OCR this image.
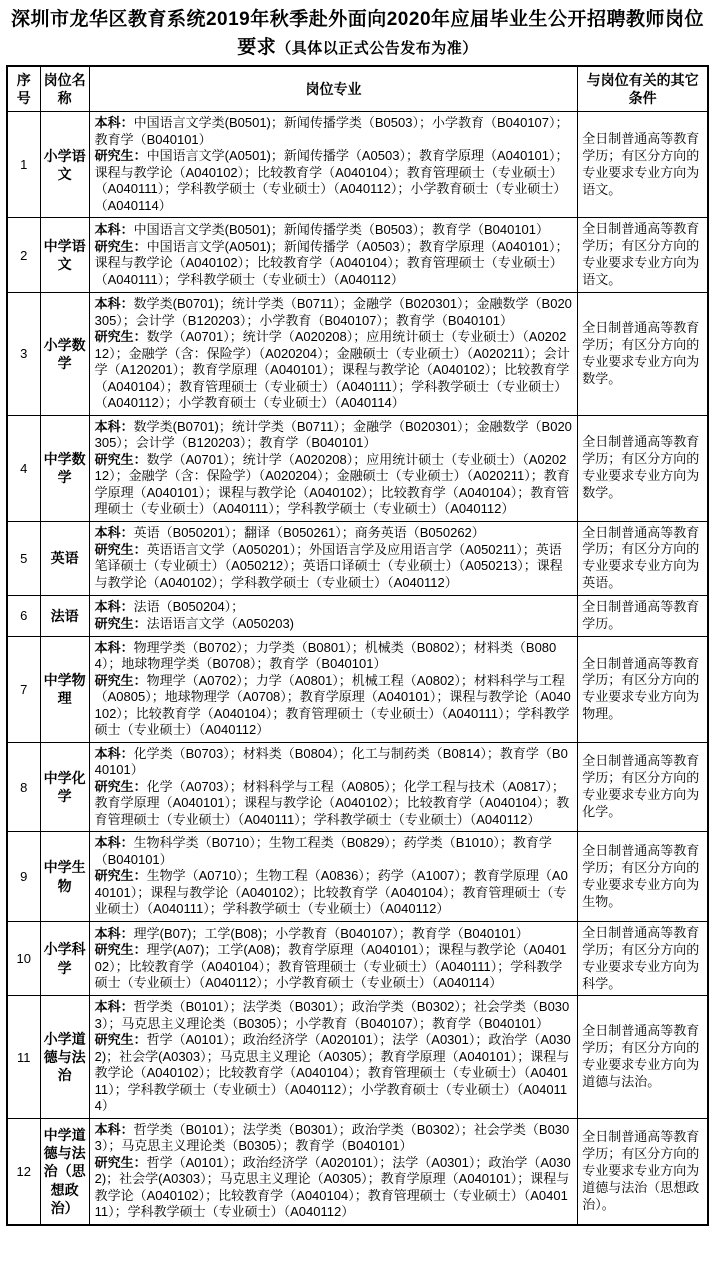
深圳市龙华区教育系统2019年秋季赴外面向2020年应届毕业生公开招聘教师岗位要求（具体以正式公告发布为准）
序号	岗位名称	岗位专业	与岗位有关的其它条件
1	小学语文	本科：中国语言文学类(B0501)；新闻传播学类（B0503）；小学教育（B040107）；教育学（B040101）
研究生：中国语言文学(A0501)；新闻传播学（A0503）；教育学原理（A040101）；课程与教学论（A040102）；比较教育学（A040104）；教育管理硕士（专业硕士）（A040111）；学科教学硕士（专业硕士）（A040112）；小学教育硕士（专业硕士）（A040114）	全日制普通高等教育学历；有区分方向的专业要求专业方向为语文。
2	中学语文	本科：中国语言文学类(B0501)；新闻传播学类（B0503）；教育学（B040101）
研究生：中国语言文学(A0501)；新闻传播学（A0503）；教育学原理（A040101）；课程与教学论（A040102）；比较教育学（A040104）；教育管理硕士（专业硕士）（A040111）；学科教学硕士（专业硕士）（A040112）	全日制普通高等教育学历；有区分方向的专业要求专业方向为语文。
3	小学数学	本科：数学类(B0701)；统计学类（B0711）；金融学（B020301）；金融数学（B020305）；会计学（B120203）；小学教育（B040107）；教育学（B040101）
研究生：数学（A0701）；统计学（A020208）；应用统计硕士（专业硕士）（A020212）；金融学（含：保险学）（A020204）；金融硕士（专业硕士）（A020211）；会计学（A120201）；教育学原理（A040101）；课程与教学论（A040102）；比较教育学（A040104）；教育管理硕士（专业硕士）（A040111）；学科教学硕士（专业硕士）（A040112）；小学教育硕士（专业硕士）（A040114）	全日制普通高等教育学历；有区分方向的专业要求专业方向为数学。
4	中学数学	本科：数学类(B0701)；统计学类（B0711）；金融学（B020301）；金融数学（B020305）；会计学（B120203）；教育学（B040101）
研究生：数学（A0701）；统计学（A020208）；应用统计硕士（专业硕士）（A020212）；金融学（含：保险学）（A020204）；金融硕士（专业硕士）（A020211）；教育学原理（A040101）；课程与教学论（A040102）；比较教育学（A040104）；教育管理硕士（专业硕士）（A040111）；学科教学硕士（专业硕士）（A040112）	全日制普通高等教育学历；有区分方向的专业要求专业方向为数学。
5	英语	本科：英语（B050201）；翻译（B050261）；商务英语（B050262）
研究生：英语语言文学（A050201）；外国语言学及应用语言学（A050211）；英语笔译硕士（专业硕士）（A050212）；英语口译硕士（专业硕士）（A050213）；课程与教学论（A040102）；学科教学硕士（专业硕士）（A040112）	全日制普通高等教育学历；有区分方向的专业要求专业方向为英语。
6	法语	本科：法语（B050204）；
研究生：法语语言文学（A050203)	全日制普通高等教育学历。
7	中学物理	本科：物理学类（B0702）；力学类（B0801）；机械类（B0802）；材料类（B0804）；地球物理学类（B0708）；教育学（B040101）
研究生：物理学（A0702）；力学（A0801）；机械工程（A0802）；材料科学与工程（A0805）；地球物理学（A0708）；教育学原理（A040101）；课程与教学论（A040102）；比较教育学（A040104）；教育管理硕士（专业硕士）（A040111）；学科教学硕士（专业硕士）（A040112）	全日制普通高等教育学历；有区分方向的专业要求专业方向为物理。
8	中学化学	本科：化学类（B0703）；材料类（B0804）；化工与制药类（B0814）；教育学（B040101）
研究生：化学（A0703）；材料科学与工程（A0805）；化学工程与技术（A0817）；教育学原理（A040101）；课程与教学论（A040102）；比较教育学（A040104）；教育管理硕士（专业硕士）（A040111）；学科教学硕士（专业硕士）（A040112）	全日制普通高等教育学历；有区分方向的专业要求专业方向为化学。
9	中学生物	本科：生物科学类（B0710）；生物工程类（B0829）；药学类（B1010）；教育学（B040101）
研究生：生物学（A0710）；生物工程（A0836）；药学（A1007）；教育学原理（A040101）；课程与教学论（A040102）；比较教育学（A040104）；教育管理硕士（专业硕士）（A040111）；学科教学硕士（专业硕士）（A040112）	全日制普通高等教育学历；有区分方向的专业要求专业方向为生物。
10	小学科学	本科：理学(B07)；工学(B08)；小学教育（B040107）；教育学（B040101）
研究生：理学(A07)；工学(A08)；教育学原理（A040101）；课程与教学论（A040102）；比较教育学（A040104）；教育管理硕士（专业硕士）（A040111）；学科教学硕士（专业硕士）（A040112）；小学教育硕士（专业硕士）（A040114）	全日制普通高等教育学历；有区分方向的专业要求专业方向为科学。
11	小学道德与法治	本科：哲学类（B0101）；法学类（B0301）；政治学类（B0302）；社会学类（B0303）；马克思主义理论类（B0305）；小学教育（B040107）；教育学（B040101）
研究生：哲学（A0101）；政治经济学（A020101）；法学（A0301）；政治学（A0302)；社会学(A0303）；马克思主义理论（A0305）；教育学原理（A040101）；课程与教学论（A040102）；比较教育学（A040104）；教育管理硕士（专业硕士）（A040111）；学科教学硕士（专业硕士）（A040112）；小学教育硕士（专业硕士）（A040114）	全日制普通高等教育学历；有区分方向的专业要求专业方向为道德与法治。
12	中学道德与法治（思想政治）	本科：哲学类（B0101）；法学类（B0301）；政治学类（B0302）；社会学类（B0303）；马克思主义理论类（B0305）；教育学（B040101）
研究生：哲学（A0101）；政治经济学（A020101）；法学（A0301）；政治学（A0302)；社会学(A0303）；马克思主义理论（A0305）；教育学原理（A040101）；课程与教学论（A040102）；比较教育学（A040104）；教育管理硕士（专业硕士）（A040111）；学科教学硕士（专业硕士）（A040112）	全日制普通高等教育学历；有区分方向的专业要求专业方向为道德与法治（思想政治）。
